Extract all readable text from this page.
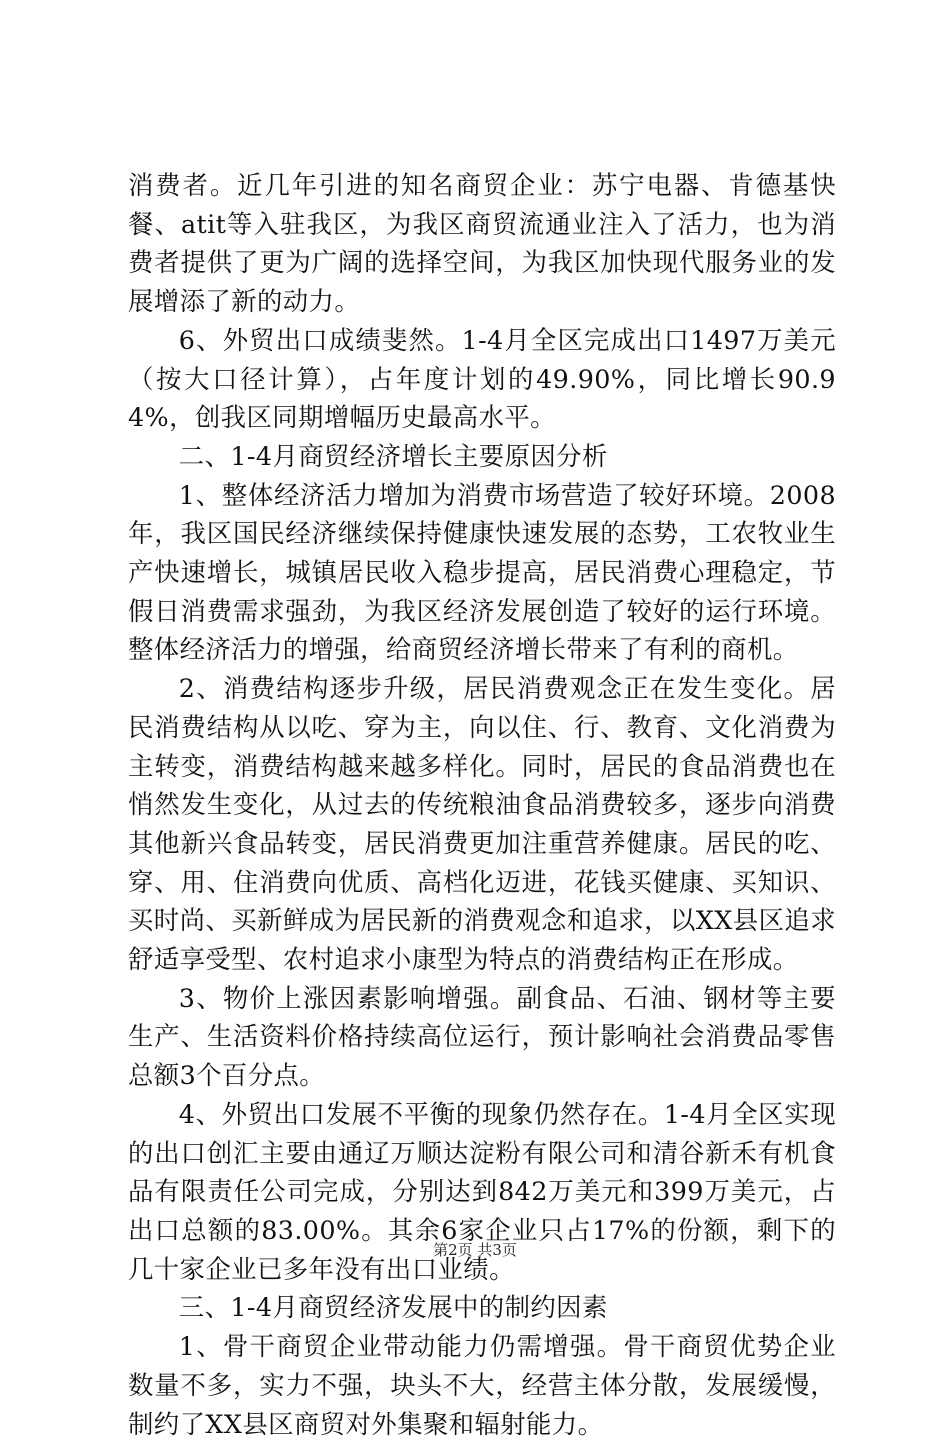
消费者。近几年引进的知名商贸企业：苏宁电器、肯德基快餐、atit等入驻我区，为我区商贸流通业注入了活力，也为消费者提供了更为广阔的选择空间，为我区加快现代服务业的发展增添了新的动力。

6、外贸出口成绩斐然。1-4月全区完成出口1497万美元（按大口径计算），占年度计划的49.90%，同比增长90.94%，创我区同期增幅历史最高水平。

二、1-4月商贸经济增长主要原因分析

1、整体经济活力增加为消费市场营造了较好环境。2008年，我区国民经济继续保持健康快速发展的态势，工农牧业生产快速增长，城镇居民收入稳步提高，居民消费心理稳定，节假日消费需求强劲，为我区经济发展创造了较好的运行环境。整体经济活力的增强，给商贸经济增长带来了有利的商机。

2、消费结构逐步升级，居民消费观念正在发生变化。居民消费结构从以吃、穿为主，向以住、行、教育、文化消费为主转变，消费结构越来越多样化。同时，居民的食品消费也在悄然发生变化，从过去的传统粮油食品消费较多，逐步向消费其他新兴食品转变，居民消费更加注重营养健康。居民的吃、穿、用、住消费向优质、高档化迈进，花钱买健康、买知识、买时尚、买新鲜成为居民新的消费观念和追求，以XX县区追求舒适享受型、农村追求小康型为特点的消费结构正在形成。

3、物价上涨因素影响增强。副食品、石油、钢材等主要生产、生活资料价格持续高位运行，预计影响社会消费品零售总额3个百分点。

4、外贸出口发展不平衡的现象仍然存在。1-4月全区实现的出口创汇主要由通辽万顺达淀粉有限公司和清谷新禾有机食品有限责任公司完成，分别达到842万美元和399万美元，占出口总额的83.00%。其余6家企业只占17%的份额，剩下的几十家企业已多年没有出口业绩。

三、1-4月商贸经济发展中的制约因素

1、骨干商贸企业带动能力仍需增强。骨干商贸优势企业数量不多，实力不强，块头不大，经营主体分散，发展缓慢，制约了XX县区商贸对外集聚和辐射能力。

第2页 共3页
